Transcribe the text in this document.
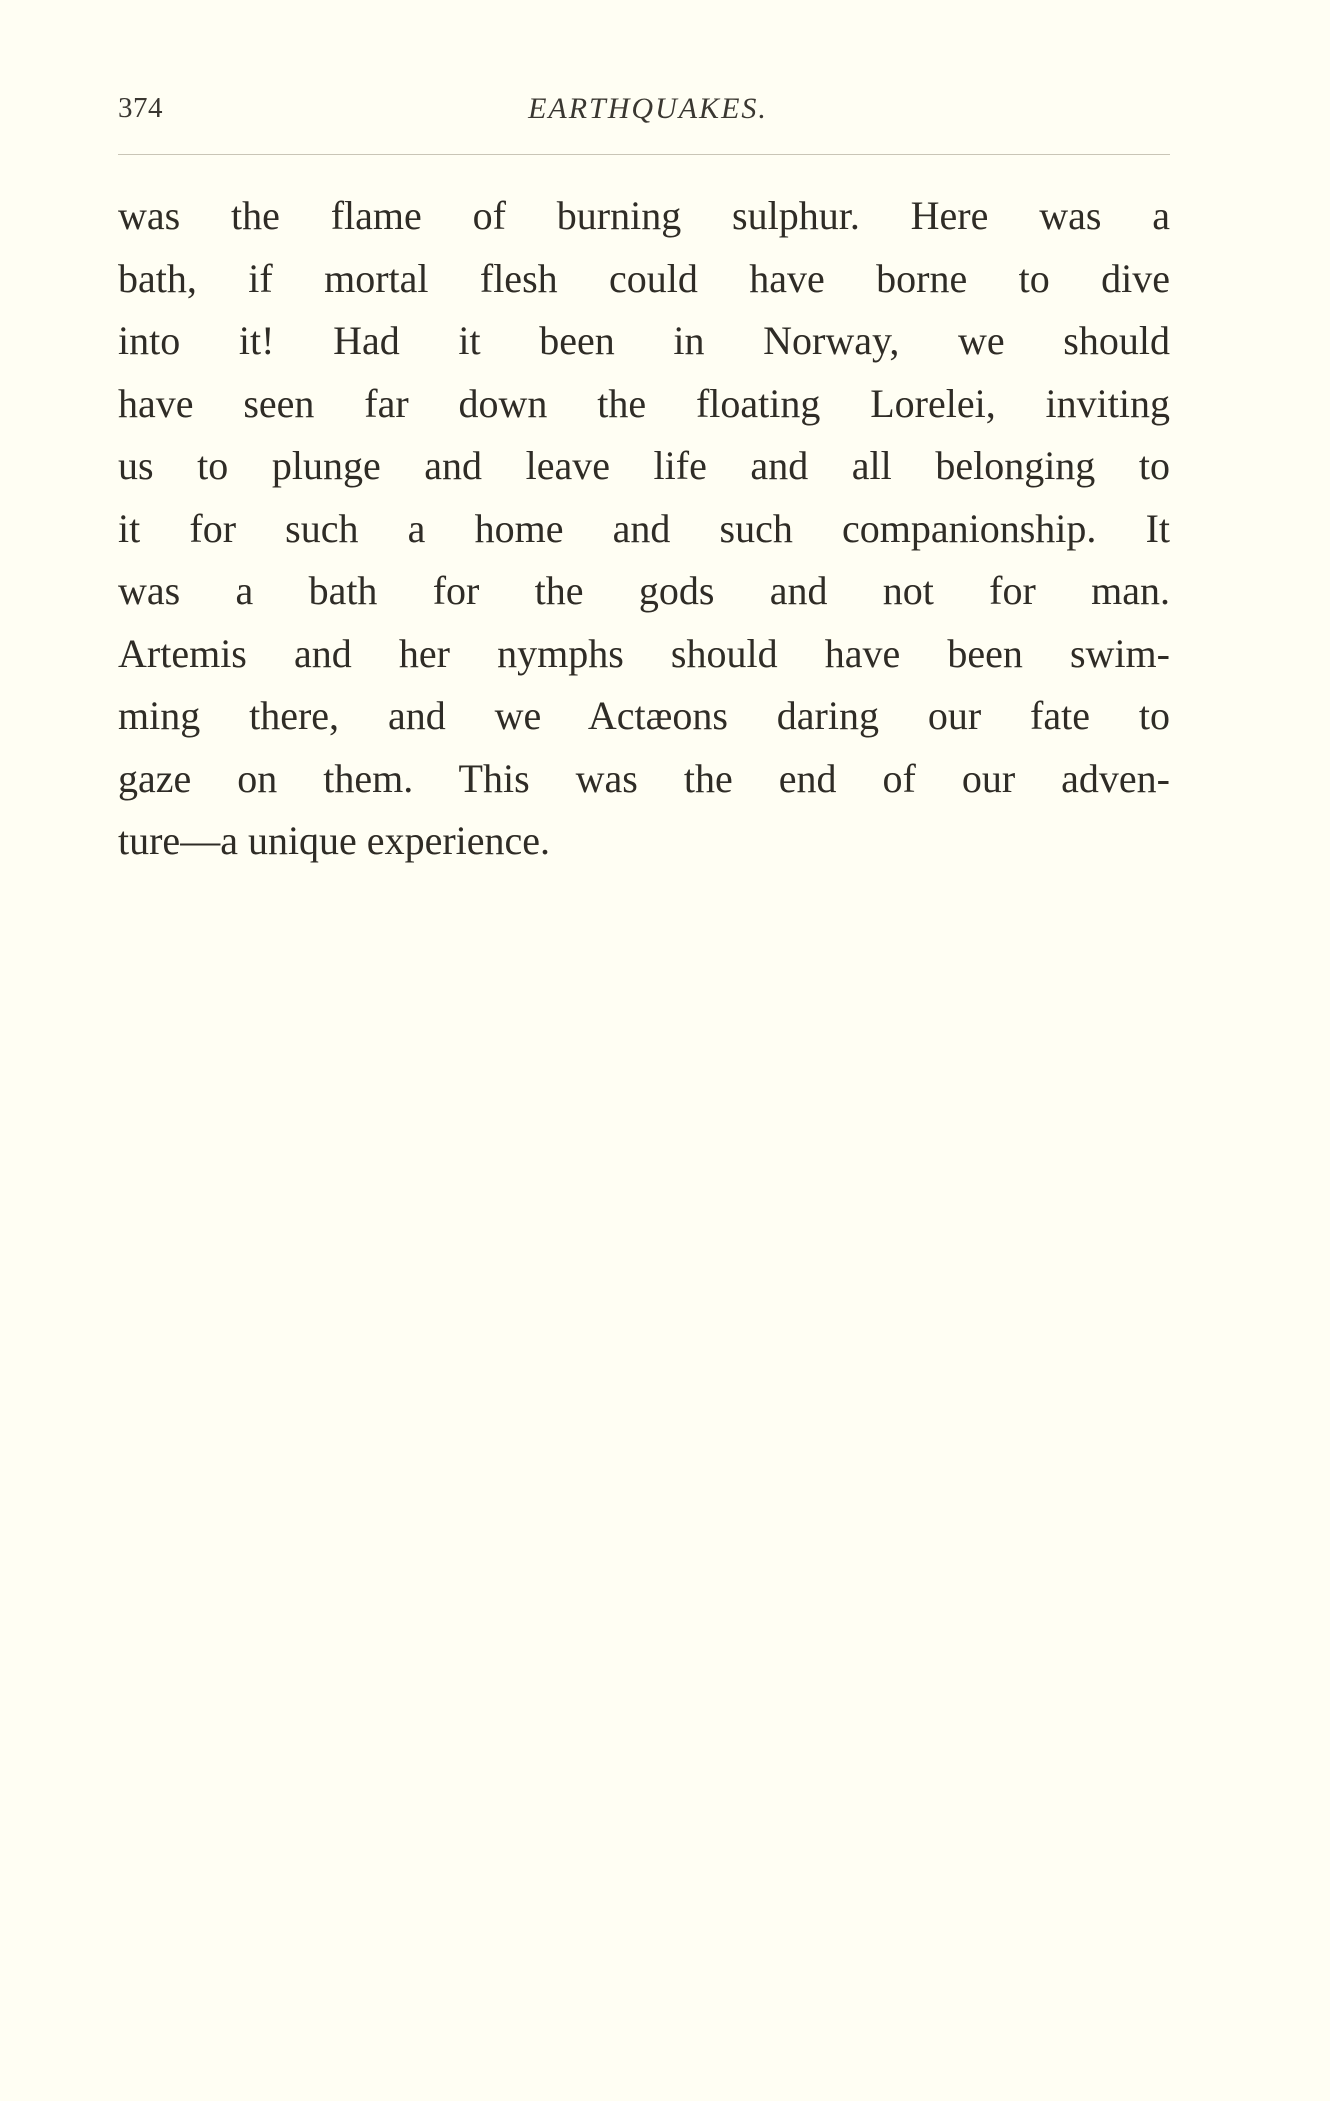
374	EARTHQUAKES.
was the flame of burning sulphur. Here was a
bath, if mortal flesh could have borne to dive
into it! Had it been in Norway, we should
have seen far down the floating Lorelei, inviting
us to plunge and leave life and all belonging to
it for such a home and such companionship. It
was a bath for the gods and not for man.
Artemis and her nymphs should have been swim-
ming there, and we Actæons daring our fate to
gaze on them. This was the end of our adven-
ture—a unique experience.
